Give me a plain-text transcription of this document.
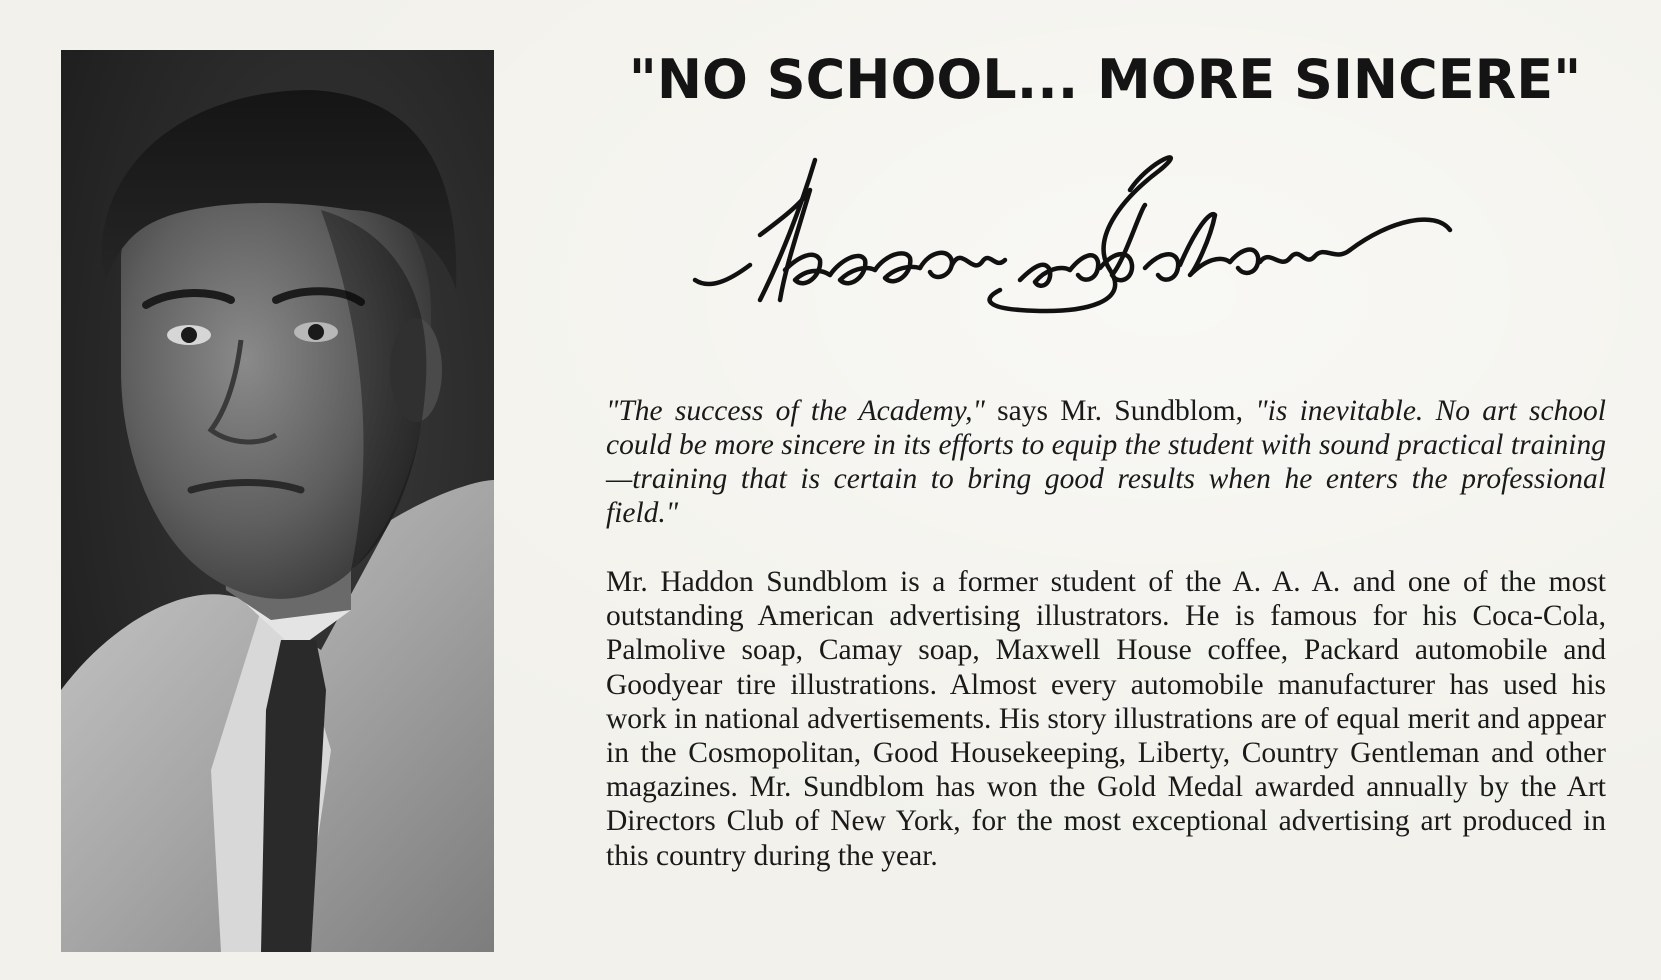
"NO SCHOOL... MORE SINCERE"

"The success of the Academy," says Mr. Sundblom, "is inevitable. No art school could be more sincere in its efforts to equip the student with sound practical training—training that is certain to bring good results when he enters the professional field."

Mr. Haddon Sundblom is a former student of the A. A. A. and one of the most outstanding American advertising illustrators. He is famous for his Coca-Cola, Palmolive soap, Camay soap, Maxwell House coffee, Packard automobile and Goodyear tire illustrations. Almost every automobile manufacturer has used his work in national advertisements. His story illustrations are of equal merit and appear in the Cosmopolitan, Good Housekeeping, Liberty, Country Gentleman and other magazines. Mr. Sundblom has won the Gold Medal awarded annually by the Art Directors Club of New York, for the most exceptional advertising art produced in this country during the year.
